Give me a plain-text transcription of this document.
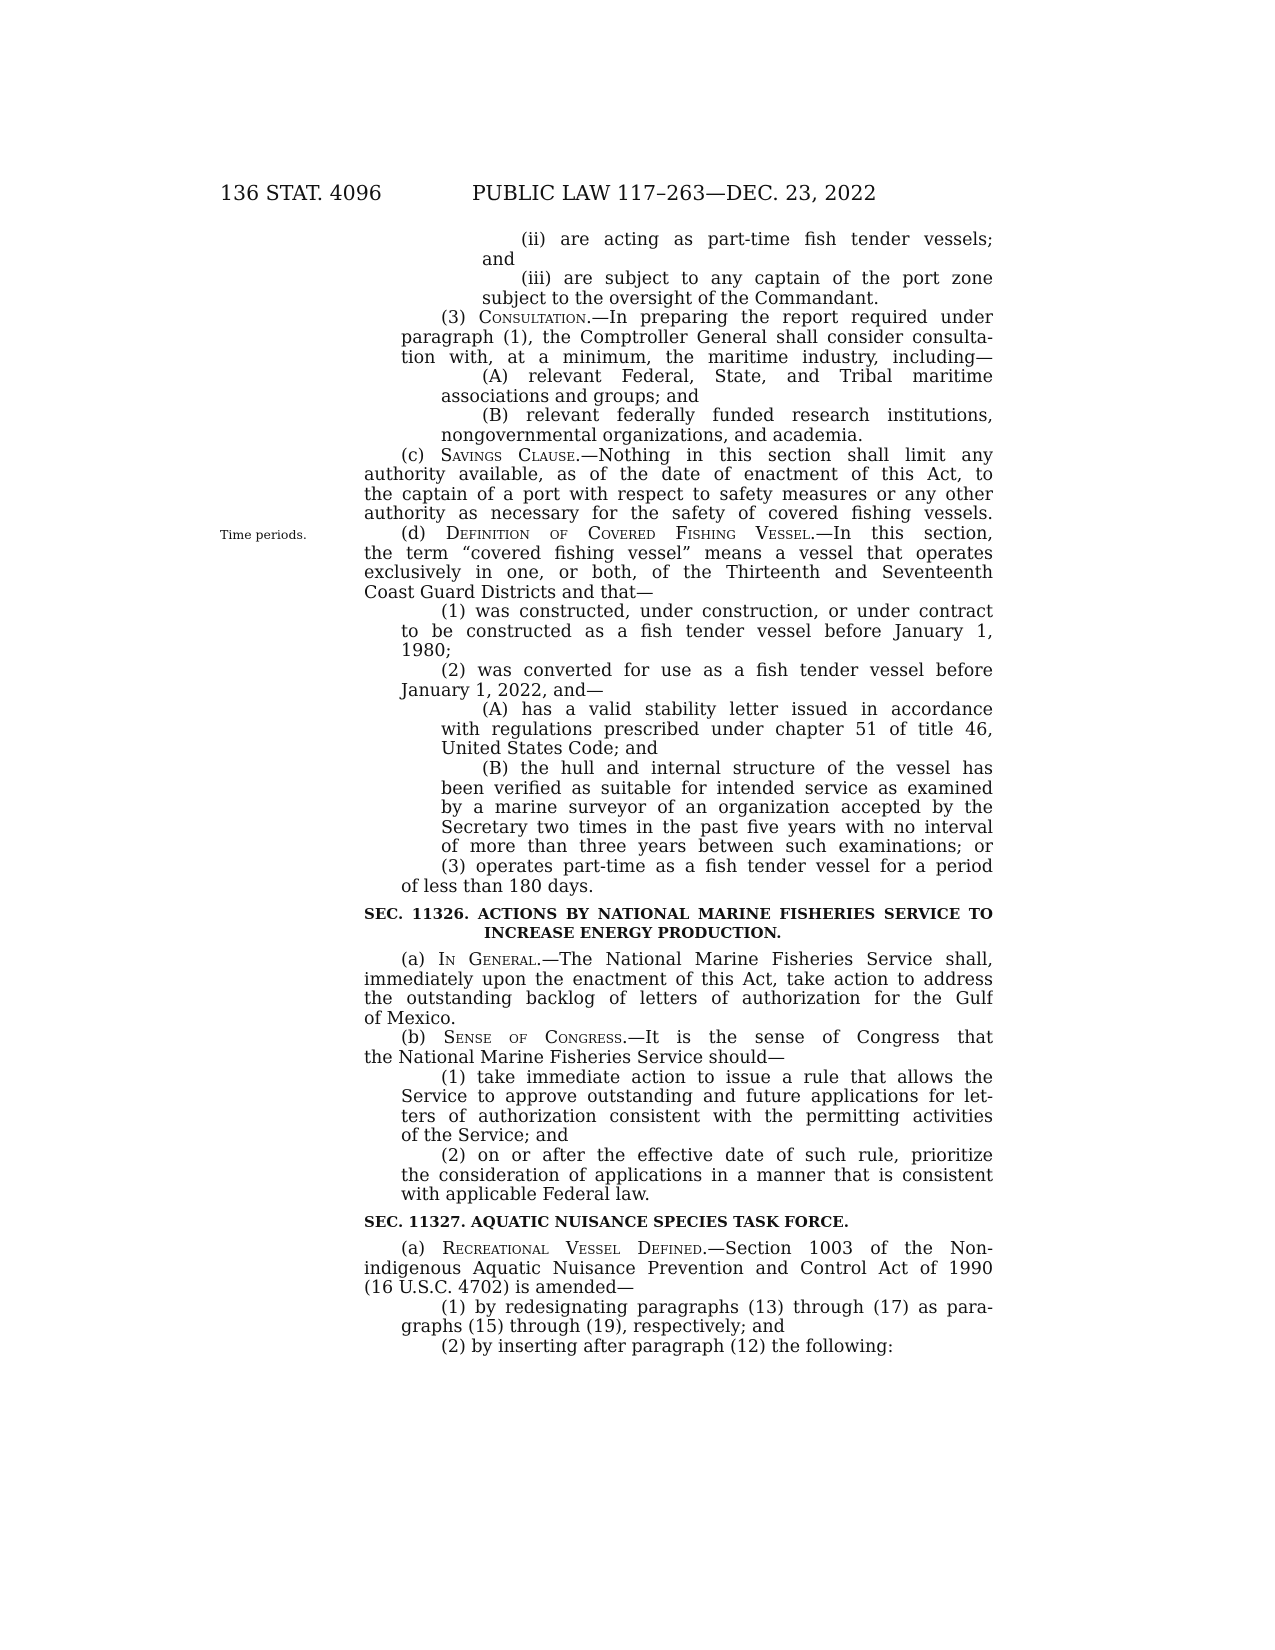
136 STAT. 4096	PUBLIC LAW 117–263—DEC. 23, 2022
Time periods.
(ii) are acting as part-time fish tender vessels;
and
(iii) are subject to any captain of the port zone
subject to the oversight of the Commandant.
(3) Consultation.—In preparing the report required under
paragraph (1), the Comptroller General shall consider consulta-
tion with, at a minimum, the maritime industry, including—
(A) relevant Federal, State, and Tribal maritime
associations and groups; and
(B) relevant federally funded research institutions,
nongovernmental organizations, and academia.
(c) Savings Clause.—Nothing in this section shall limit any
authority available, as of the date of enactment of this Act, to
the captain of a port with respect to safety measures or any other
authority as necessary for the safety of covered fishing vessels.
(d) Definition of Covered Fishing Vessel.—In this section,
the term “covered fishing vessel” means a vessel that operates
exclusively in one, or both, of the Thirteenth and Seventeenth
Coast Guard Districts and that—
(1) was constructed, under construction, or under contract
to be constructed as a fish tender vessel before January 1,
1980;
(2) was converted for use as a fish tender vessel before
January 1, 2022, and—
(A) has a valid stability letter issued in accordance
with regulations prescribed under chapter 51 of title 46,
United States Code; and
(B) the hull and internal structure of the vessel has
been verified as suitable for intended service as examined
by a marine surveyor of an organization accepted by the
Secretary two times in the past five years with no interval
of more than three years between such examinations; or
(3) operates part-time as a fish tender vessel for a period
of less than 180 days.
SEC. 11326. ACTIONS BY NATIONAL MARINE FISHERIES SERVICE TO
INCREASE ENERGY PRODUCTION.
(a) In General.—The National Marine Fisheries Service shall,
immediately upon the enactment of this Act, take action to address
the outstanding backlog of letters of authorization for the Gulf
of Mexico.
(b) Sense of Congress.—It is the sense of Congress that
the National Marine Fisheries Service should—
(1) take immediate action to issue a rule that allows the
Service to approve outstanding and future applications for let-
ters of authorization consistent with the permitting activities
of the Service; and
(2) on or after the effective date of such rule, prioritize
the consideration of applications in a manner that is consistent
with applicable Federal law.
SEC. 11327. AQUATIC NUISANCE SPECIES TASK FORCE.
(a) Recreational Vessel Defined.—Section 1003 of the Non-
indigenous Aquatic Nuisance Prevention and Control Act of 1990
(16 U.S.C. 4702) is amended—
(1) by redesignating paragraphs (13) through (17) as para-
graphs (15) through (19), respectively; and
(2) by inserting after paragraph (12) the following:
